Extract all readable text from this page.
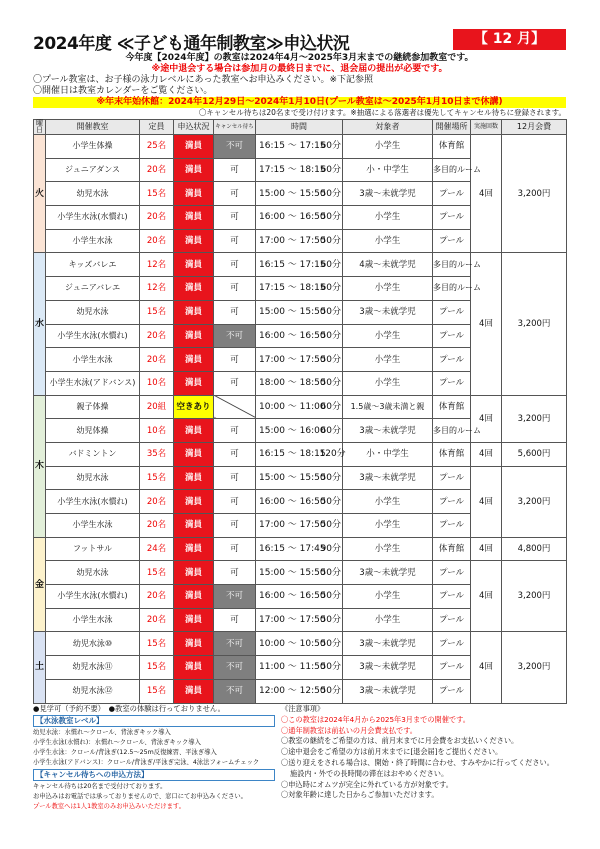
2024年度 ≪子ども通年制教室≫申込状況	【 12 月】
今年度【2024年度】の教室は2024年4月～2025年3月末までの継続参加教室です。
※途中退会する場合は参加月の最終日までに、退会届の提出が必要です。
〇プール教室は、お子様の泳力レベルにあった教室へお申込みください。※下記参照
〇開催日は教室カレンダーをご覧ください。
※年末年始休館：2024年12月29日～2024年1月10日(プール教室は～2025年1月10日まで休講)
〇キャンセル待ちは20名まで受け付けます。※抽選による落選者は優先してキャンセル待ちに登録されます。
曜日	開催教室	定員	申込状況	キャンセル待ち	時間		対象者	開催場所	実施回数	12月会費
火	小学生体操	25名	満員	不可	16:15 ～ 17:15	60分	小学生	体育館	4回	3,200円
	ジュニアダンス	20名	満員	可	17:15 ～ 18:15	60分	小・中学生	多目的ルーム		
	幼児水泳	15名	満員	可	15:00 ～ 15:50	50分	3歳～未就学児	プール		
	小学生水泳(水慣れ)	20名	満員	可	16:00 ～ 16:50	50分	小学生	プール		
	小学生水泳	20名	満員	可	17:00 ～ 17:50	50分	小学生	プール		
水	キッズバレエ	12名	満員	可	16:15 ～ 17:15	60分	4歳～未就学児	多目的ルーム	4回	3,200円
	ジュニアバレエ	12名	満員	可	17:15 ～ 18:15	60分	小学生	多目的ルーム		
	幼児水泳	15名	満員	可	15:00 ～ 15:50	50分	3歳～未就学児	プール		
	小学生水泳(水慣れ)	20名	満員	不可	16:00 ～ 16:50	50分	小学生	プール		
	小学生水泳	20名	満員	可	17:00 ～ 17:50	50分	小学生	プール		
	小学生水泳(アドバンス)	10名	満員	可	18:00 ～ 18:50	50分	小学生	プール		
木	親子体操	20組	空きあり		10:00 ～ 11:00	60分	1.5歳～3歳未満と親	体育館	4回	3,200円
	幼児体操	10名	満員	可	15:00 ～ 16:00	60分	3歳～未就学児	多目的ルーム		
	バドミントン	35名	満員	可	16:15 ～ 18:15	120分	小・中学生	体育館	4回	5,600円
	幼児水泳	15名	満員	可	15:00 ～ 15:50	50分	3歳～未就学児	プール	4回	3,200円
	小学生水泳(水慣れ)	20名	満員	可	16:00 ～ 16:50	50分	小学生	プール		
	小学生水泳	20名	満員	可	17:00 ～ 17:50	50分	小学生	プール		
金	フットサル	24名	満員	可	16:15 ～ 17:45	90分	小学生	体育館	4回	4,800円
	幼児水泳	15名	満員	可	15:00 ～ 15:50	50分	3歳～未就学児	プール	4回	3,200円
	小学生水泳(水慣れ)	20名	満員	不可	16:00 ～ 16:50	50分	小学生	プール		
	小学生水泳	20名	満員	可	17:00 ～ 17:50	50分	小学生	プール		
土	幼児水泳⑩	15名	満員	不可	10:00 ～ 10:50	50分	3歳～未就学児	プール	4回	3,200円
	幼児水泳⑪	15名	満員	不可	11:00 ～ 11:50	50分	3歳～未就学児	プール		
	幼児水泳⑫	15名	満員	不可	12:00 ～ 12:50	50分	3歳～未就学児	プール		
●見学可（予約不要）　●教室の体験は行っておりません。
【水泳教室レベル】
幼児水泳：水慣れ～クロール、背泳ぎキック導入
小学生水泳(水慣れ)：水慣れ～クロール、背泳ぎキック導入
小学生水泳：クロール/背泳ぎ(12.5～25m反復練習、平泳ぎ導入
小学生水泳(アドバンス)：クロール/背泳ぎ/平泳ぎ完泳、4泳法フォームチェック
【キャンセル待ちへの申込方法】
キャンセル待ちは20名まで受付けております。
お申込みはお電話では承っておりませんので、窓口にてお申込みください。
プール教室へは1人1教室のみお申込みいただけます。
《注意事項》
〇この教室は2024年4月から2025年3月までの開催です。
〇通年制教室は前払いの月会費支払です。
〇教室の継続をご希望の方は、前月末までに月会費をお支払いください。
〇途中退会をご希望の方は前月末までに[退会届]をご提出ください。
〇送り迎えをされる場合は、開始・終了時間に合わせ、すみやかに行ってください。
施設内・外での長時間の滞在はおやめください。
〇申込時にオムツが完全に外れている方が対象です。
〇対象年齢に達した日からご参加いただけます。
